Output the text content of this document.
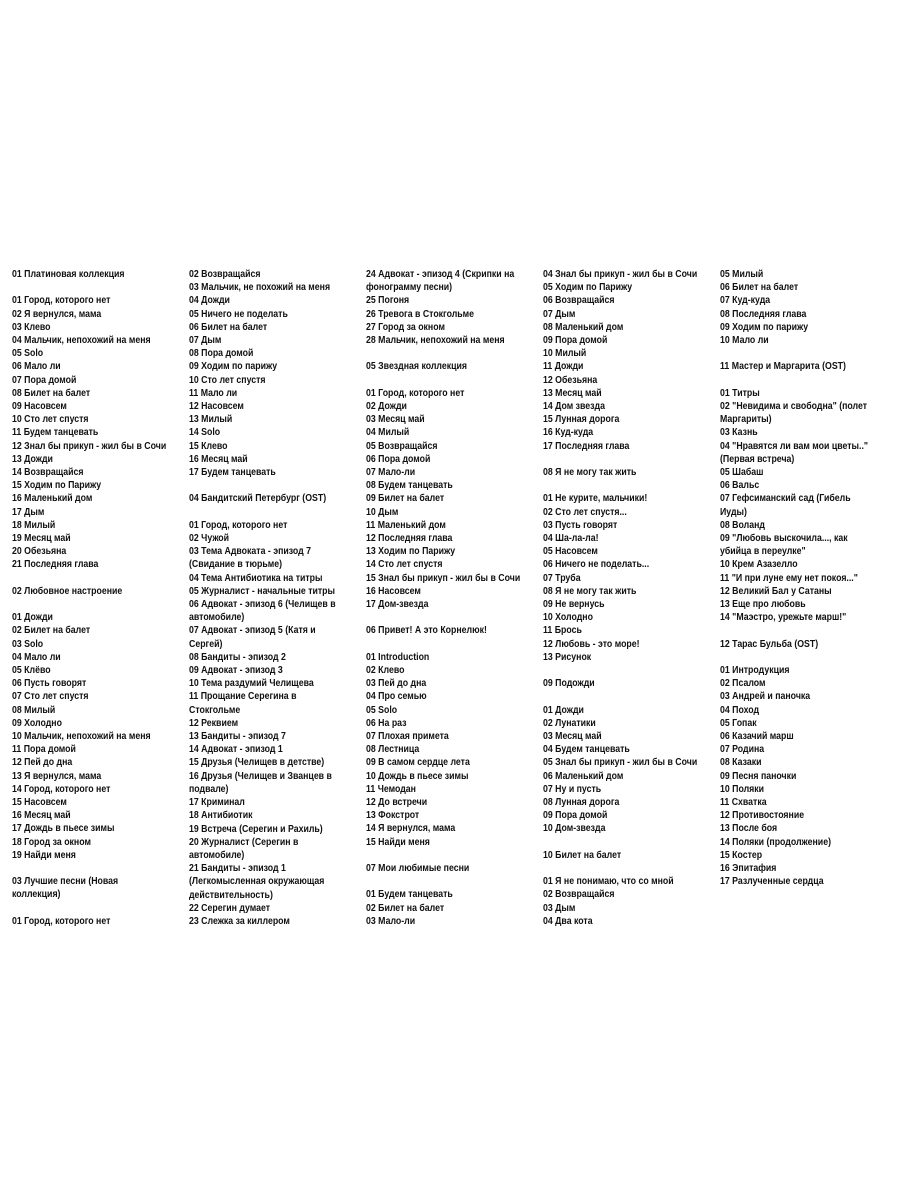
01 Платиновая коллекция
01 Город, которого нет
02 Я вернулся, мама
03 Клево
04 Мальчик, непохожий на меня
05 Solo
06 Мало ли
07 Пора домой
08 Билет на балет
09 Насовсем
10 Сто лет спустя
11 Будем танцевать
12 Знал бы прикуп - жил бы в Сочи
13 Дожди
14 Возвращайся
15 Ходим по Парижу
16 Маленький дом
17 Дым
18 Милый
19 Месяц май
20 Обезьяна
21 Последняя глава
02 Любовное настроение
01 Дожди
02 Билет на балет
03 Solo
04 Мало ли
05 Клёво
06 Пусть говорят
07 Сто лет спустя
08 Милый
09 Холодно
10 Мальчик, непохожий на меня
11 Пора домой
12 Пей до дна
13 Я вернулся, мама
14 Город, которого нет
15 Насовсем
16 Месяц май
17 Дождь в пьесе зимы
18 Город за окном
19 Найди меня
03 Лучшие песни (Новая
коллекция)
01 Город, которого нет
02 Возвращайся
03 Мальчик, не похожий на меня
04 Дожди
05 Ничего не поделать
06 Билет на балет
07 Дым
08 Пора домой
09 Ходим по парижу
10 Сто лет спустя
11 Мало ли
12 Насовсем
13 Милый
14 Solo
15 Клево
16 Месяц май
17 Будем танцевать
04 Бандитский Петербург (OST)
01 Город, которого нет
02 Чужой
03 Тема Адвоката - эпизод 7
(Свидание в тюрьме)
04 Тема Антибиотика на титры
05 Журналист - начальные титры
06 Адвокат - эпизод 6 (Челищев в
автомобиле)
07 Адвокат - эпизод 5 (Катя и
Сергей)
08 Бандиты - эпизод 2
09 Адвокат - эпизод 3
10 Тема раздумий Челищева
11 Прощание Серегина в
Стокгольме
12 Реквием
13 Бандиты - эпизод 7
14 Адвокат - эпизод 1
15 Друзья (Челищев в детстве)
16 Друзья (Челищев и Званцев в
подвале)
17 Криминал
18 Антибиотик
19 Встреча (Серегин и Рахиль)
20 Журналист (Серегин в
автомобиле)
21 Бандиты - эпизод 1
(Легкомысленная окружающая
действительность)
22 Серегин думает
23 Слежка за киллером
24 Адвокат - эпизод 4 (Скрипки на
фонограмму песни)
25 Погоня
26 Тревога в Стокгольме
27 Город за окном
28 Мальчик, непохожий на меня
05 Звездная коллекция
01 Город, которого нет
02 Дожди
03 Месяц май
04 Милый
05 Возвращайся
06 Пора домой
07 Мало-ли
08 Будем танцевать
09 Билет на балет
10 Дым
11 Маленький дом
12 Последняя глава
13 Ходим по Парижу
14 Сто лет спустя
15 Знал бы прикуп - жил бы в Сочи
16 Насовсем
17 Дом-звезда
06 Привет! А это Корнелюк!
01 Introduction
02 Клево
03 Пей до дна
04 Про семью
05 Solo
06 На раз
07 Плохая примета
08 Лестница
09 В самом сердце лета
10 Дождь в пьесе зимы
11 Чемодан
12 До встречи
13 Фокстрот
14 Я вернулся, мама
15 Найди меня
07 Мои любимые песни
01 Будем танцевать
02 Билет на балет
03 Мало-ли
04 Знал бы прикуп - жил бы в Сочи
05 Ходим по Парижу
06 Возвращайся
07 Дым
08 Маленький дом
09 Пора домой
10 Милый
11 Дожди
12 Обезьяна
13 Месяц май
14 Дом звезда
15 Лунная дорога
16 Куд-куда
17 Последняя глава
08 Я не могу так жить
01 Не курите, мальчики!
02 Сто лет спустя...
03 Пусть говорят
04 Ша-ла-ла!
05 Насовсем
06 Ничего не поделать...
07 Труба
08 Я не могу так жить
09 Не вернусь
10 Холодно
11 Брось
12 Любовь - это море!
13 Рисунок
09 Подожди
01 Дожди
02 Лунатики
03 Месяц май
04 Будем танцевать
05 Знал бы прикуп - жил бы в Сочи
06 Маленький дом
07 Ну и пусть
08 Лунная дорога
09 Пора домой
10 Дом-звезда
10 Билет на балет
01 Я не понимаю, что со мной
02 Возвращайся
03 Дым
04 Два кота
05 Милый
06 Билет на балет
07 Куд-куда
08 Последняя глава
09 Ходим по парижу
10 Мало ли
11 Мастер и Маргарита (OST)
01 Титры
02 "Невидима и свободна" (полет
Маргариты)
03 Казнь
04 "Нравятся ли вам мои цветы.."
(Первая встреча)
05 Шабаш
06 Вальс
07 Гефсиманский сад (Гибель
Иуды)
08 Воланд
09 "Любовь выскочила..., как
убийца в переулке"
10 Крем Азазелло
11 "И при луне ему нет покоя..."
12 Великий Бал у Сатаны
13 Еще про любовь
14 "Маэстро, урежьте марш!"
12 Тарас Бульба (OST)
01 Интродукция
02 Псалом
03 Андрей и паночка
04 Поход
05 Гопак
06 Казачий марш
07 Родина
08 Казаки
09 Песня паночки
10 Поляки
11 Схватка
12 Противостояние
13 После боя
14 Поляки (продолжение)
15 Костер
16 Эпитафия
17 Разлученные сердца
